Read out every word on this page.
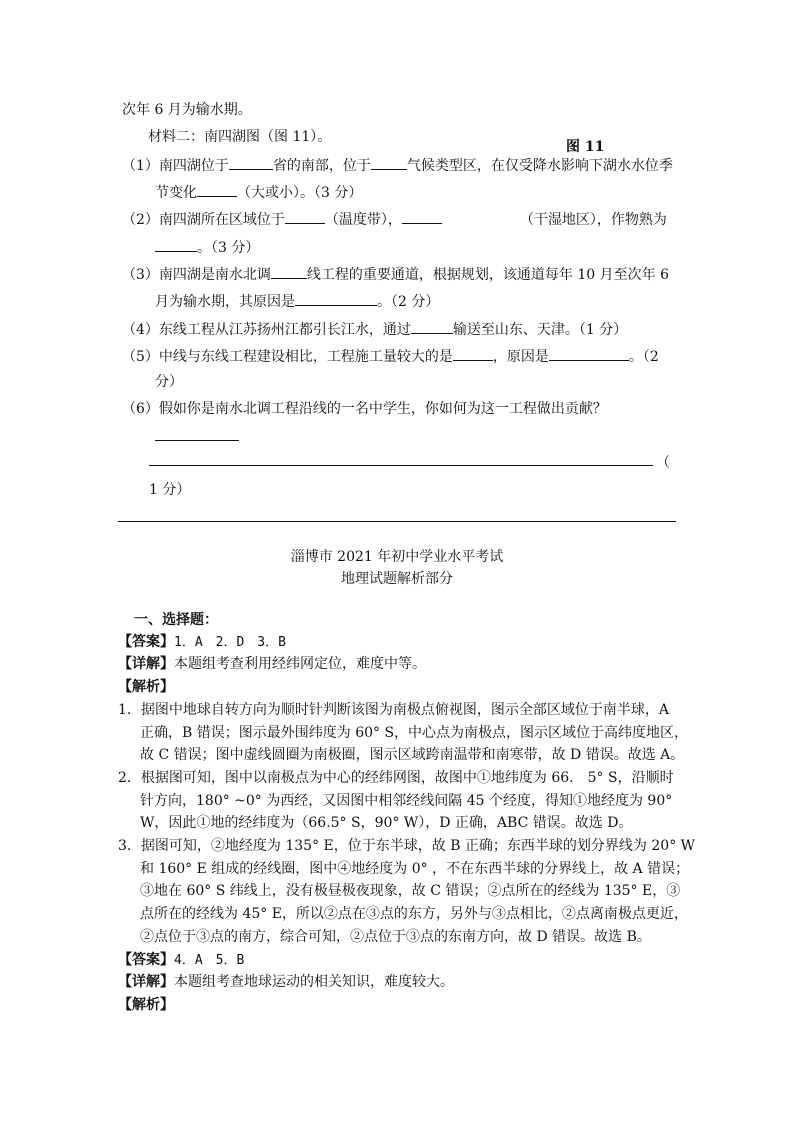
次年 6 月为输水期。
材料二：南四湖图（图 11）。
图 11
（1）南四湖位于	省的南部，位于	气候类型区，在仅受降水影响下湖水水位季
节变化	（大或小）。（3 分）
（2）南四湖所在区域位于	（温度带），	（干湿地区），作物熟为
。（3 分）
（3）南四湖是南水北调	线工程的重要通道，根据规划，该通道每年 10 月至次年 6
月为输水期，其原因是	。（2 分）
（4）东线工程从江苏扬州江都引长江水，通过	输送至山东、天津。（1 分）
（5）中线与东线工程建设相比，工程施工量较大的是	，原因是	。（2
分）
（6）假如你是南水北调工程沿线的一名中学生，你如何为这一工程做出贡献？
（
1 分）
淄博市 2021 年初中学业水平考试
地理试题解析部分
一、选择题：
【答案】1．A　2．D　3．B
【详解】本题组考查利用经纬网定位，难度中等。
【解析】
1．据图中地球自转方向为顺时针判断该图为南极点俯视图，图示全部区域位于南半球，A
正确，B 错误；图示最外围纬度为 60° S，中心点为南极点，图示区域位于高纬度地区，
故 C 错误；图中虚线圆圈为南极圈，图示区域跨南温带和南寒带，故 D 错误。故选 A。
2．根据图可知，图中以南极点为中心的经纬网图，故图中①地纬度为 66.　5° S，沿顺时
针方向，180° ~0° 为西经，又因图中相邻经线间隔 45 个经度，得知①地经度为 90°
W，因此①地的经纬度为（66.5° S，90° W），D 正确，ABC 错误。故选 D。
3．据图可知，②地经度为 135° E，位于东半球，故 B 正确；东西半球的划分界线为 20° W
和 160° E 组成的经线圈，图中④地经度为 0° ，不在东西半球的分界线上，故 A 错误；
③地在 60° S 纬线上，没有极昼极夜现象，故 C 错误；②点所在的经线为 135° E，③
点所在的经线为 45° E，所以②点在③点的东方，另外与③点相比，②点离南极点更近，
②点位于③点的南方，综合可知，②点位于③点的东南方向，故 D 错误。故选 B。
【答案】4．A　5．B
【详解】本题组考查地球运动的相关知识，难度较大。
【解析】
